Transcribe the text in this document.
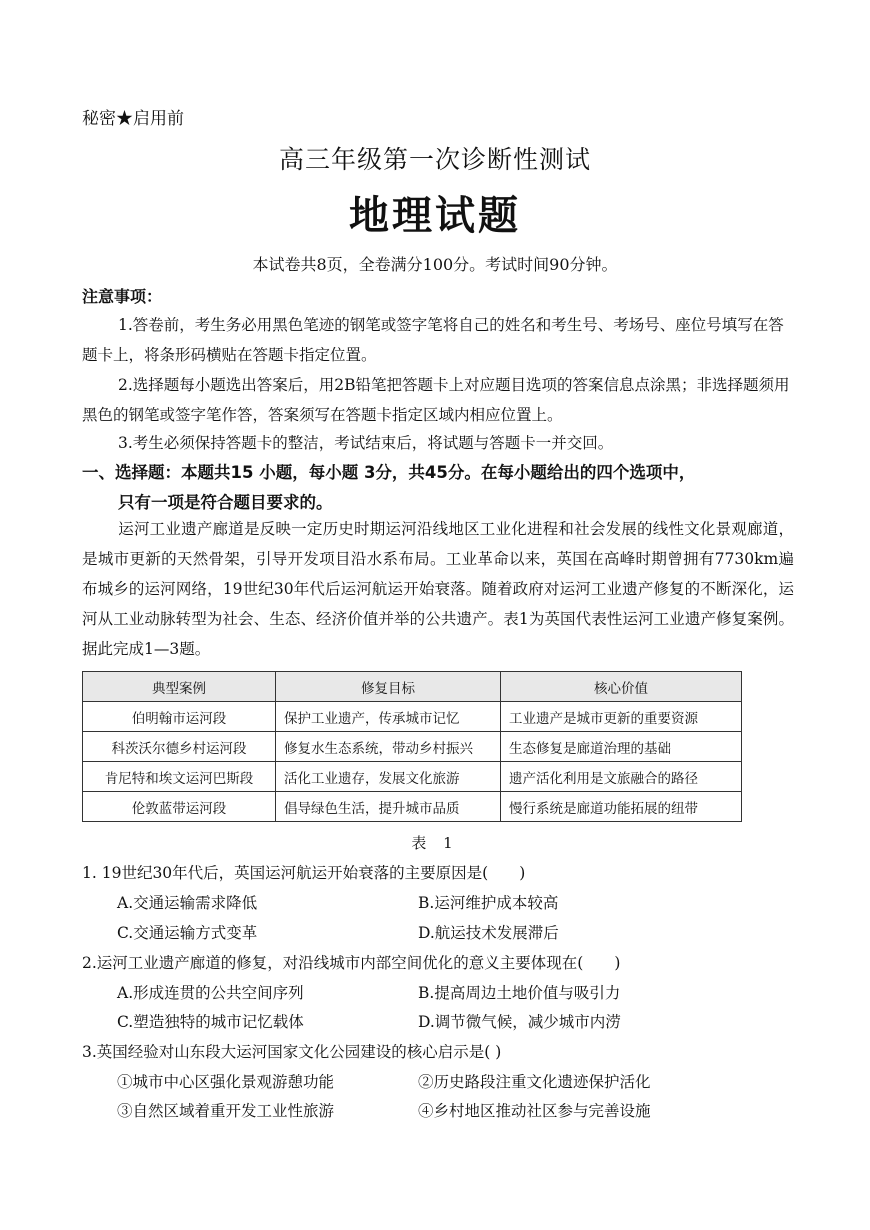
秘密★启用前
高三年级第一次诊断性测试
地理试题
本试卷共8页，全卷满分100分。考试时间90分钟。
注意事项：
1.答卷前，考生务必用黑色笔迹的钢笔或签字笔将自己的姓名和考生号、考场号、座位号填写在答题卡上，将条形码横贴在答题卡指定位置。
2.选择题每小题选出答案后，用2B铅笔把答题卡上对应题目选项的答案信息点涂黑；非选择题须用黑色的钢笔或签字笔作答，答案须写在答题卡指定区域内相应位置上。
3.考生必须保持答题卡的整洁，考试结束后，将试题与答题卡一并交回。
一、选择题：本题共15 小题，每小题 3分，共45分。在每小题给出的四个选项中，
只有一项是符合题目要求的。
运河工业遗产廊道是反映一定历史时期运河沿线地区工业化进程和社会发展的线性文化景观廊道，是城市更新的天然骨架，引导开发项目沿水系布局。工业革命以来，英国在高峰时期曾拥有7730km遍布城乡的运河网络，19世纪30年代后运河航运开始衰落。随着政府对运河工业遗产修复的不断深化，运河从工业动脉转型为社会、生态、经济价值并举的公共遗产。表1为英国代表性运河工业遗产修复案例。据此完成1—3题。
典型案例	修复目标	核心价值
伯明翰市运河段	保护工业遗产，传承城市记忆	工业遗产是城市更新的重要资源
科茨沃尔德乡村运河段	修复水生态系统，带动乡村振兴	生态修复是廊道治理的基础
肯尼特和埃文运河巴斯段	活化工业遗存，发展文化旅游	遗产活化利用是文旅融合的路径
伦敦蓝带运河段	倡导绿色生活，提升城市品质	慢行系统是廊道功能拓展的纽带
表 1
1. 19世纪30年代后，英国运河航运开始衰落的主要原因是(　　)
A.交通运输需求降低	B.运河维护成本较高
C.交通运输方式变革	D.航运技术发展滞后
2.运河工业遗产廊道的修复，对沿线城市内部空间优化的意义主要体现在(　　)
A.形成连贯的公共空间序列	B.提高周边土地价值与吸引力
C.塑造独特的城市记忆载体	D.调节微气候，减少城市内涝
3.英国经验对山东段大运河国家文化公园建设的核心启示是( )
①城市中心区强化景观游憩功能	②历史路段注重文化遗迹保护活化
③自然区域着重开发工业性旅游	④乡村地区推动社区参与完善设施
